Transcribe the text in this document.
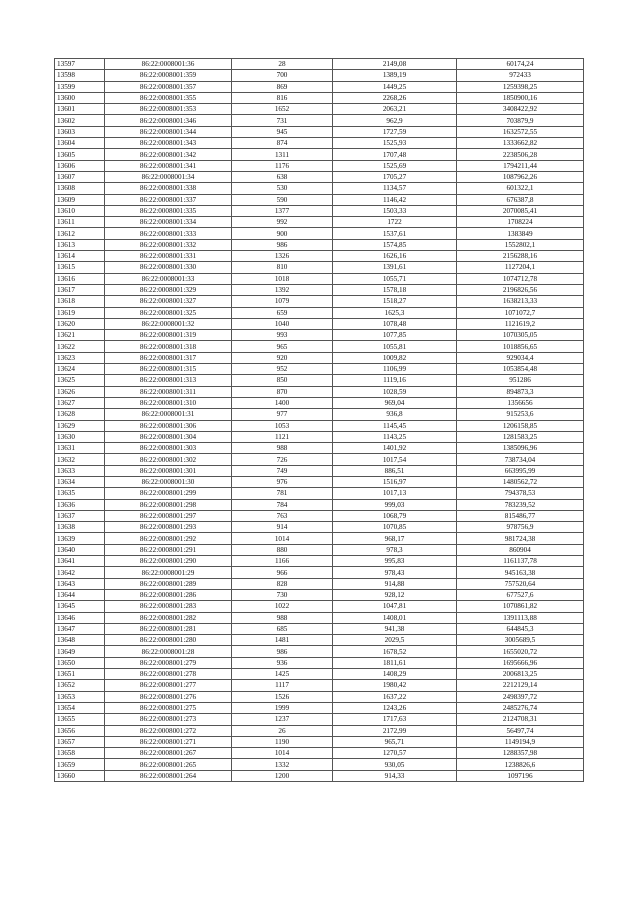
13597	86:22:0008001:36	28	2149,08	60174,24
13598	86:22:0008001:359	700	1389,19	972433
13599	86:22:0008001:357	869	1449,25	1259398,25
13600	86:22:0008001:355	816	2268,26	1850900,16
13601	86:22:0008001:353	1652	2063,21	3408422,92
13602	86:22:0008001:346	731	962,9	703879,9
13603	86:22:0008001:344	945	1727,59	1632572,55
13604	86:22:0008001:343	874	1525,93	1333662,82
13605	86:22:0008001:342	1311	1707,48	2238506,28
13606	86:22:0008001:341	1176	1525,69	1794211,44
13607	86:22:0008001:34	638	1705,27	1087962,26
13608	86:22:0008001:338	530	1134,57	601322,1
13609	86:22:0008001:337	590	1146,42	676387,8
13610	86:22:0008001:335	1377	1503,33	2070085,41
13611	86:22:0008001:334	992	1722	1708224
13612	86:22:0008001:333	900	1537,61	1383849
13613	86:22:0008001:332	986	1574,85	1552802,1
13614	86:22:0008001:331	1326	1626,16	2156288,16
13615	86:22:0008001:330	810	1391,61	1127204,1
13616	86:22:0008001:33	1018	1055,71	1074712,78
13617	86:22:0008001:329	1392	1578,18	2196826,56
13618	86:22:0008001:327	1079	1518,27	1638213,33
13619	86:22:0008001:325	659	1625,3	1071072,7
13620	86:22:0008001:32	1040	1078,48	1121619,2
13621	86:22:0008001:319	993	1077,85	1070305,05
13622	86:22:0008001:318	965	1055,81	1018856,65
13623	86:22:0008001:317	920	1009,82	929034,4
13624	86:22:0008001:315	952	1106,99	1053854,48
13625	86:22:0008001:313	850	1119,16	951286
13626	86:22:0008001:311	870	1028,59	894873,3
13627	86:22:0008001:310	1400	969,04	1356656
13628	86:22:0008001:31	977	936,8	915253,6
13629	86:22:0008001:306	1053	1145,45	1206158,85
13630	86:22:0008001:304	1121	1143,25	1281583,25
13631	86:22:0008001:303	988	1401,92	1385096,96
13632	86:22:0008001:302	726	1017,54	738734,04
13633	86:22:0008001:301	749	886,51	663995,99
13634	86:22:0008001:30	976	1516,97	1480562,72
13635	86:22:0008001:299	781	1017,13	794378,53
13636	86:22:0008001:298	784	999,03	783239,52
13637	86:22:0008001:297	763	1068,79	815486,77
13638	86:22:0008001:293	914	1070,85	978756,9
13639	86:22:0008001:292	1014	968,17	981724,38
13640	86:22:0008001:291	880	978,3	860904
13641	86:22:0008001:290	1166	995,83	1161137,78
13642	86:22:0008001:29	966	978,43	945163,38
13643	86:22:0008001:289	828	914,88	757520,64
13644	86:22:0008001:286	730	928,12	677527,6
13645	86:22:0008001:283	1022	1047,81	1070861,82
13646	86:22:0008001:282	988	1408,01	1391113,88
13647	86:22:0008001:281	685	941,38	644845,3
13648	86:22:0008001:280	1481	2029,5	3005689,5
13649	86:22:0008001:28	986	1678,52	1655020,72
13650	86:22:0008001:279	936	1811,61	1695666,96
13651	86:22:0008001:278	1425	1408,29	2006813,25
13652	86:22:0008001:277	1117	1980,42	2212129,14
13653	86:22:0008001:276	1526	1637,22	2498397,72
13654	86:22:0008001:275	1999	1243,26	2485276,74
13655	86:22:0008001:273	1237	1717,63	2124708,31
13656	86:22:0008001:272	26	2172,99	56497,74
13657	86:22:0008001:271	1190	965,71	1149194,9
13658	86:22:0008001:267	1014	1270,57	1288357,98
13659	86:22:0008001:265	1332	930,05	1238826,6
13660	86:22:0008001:264	1200	914,33	1097196
